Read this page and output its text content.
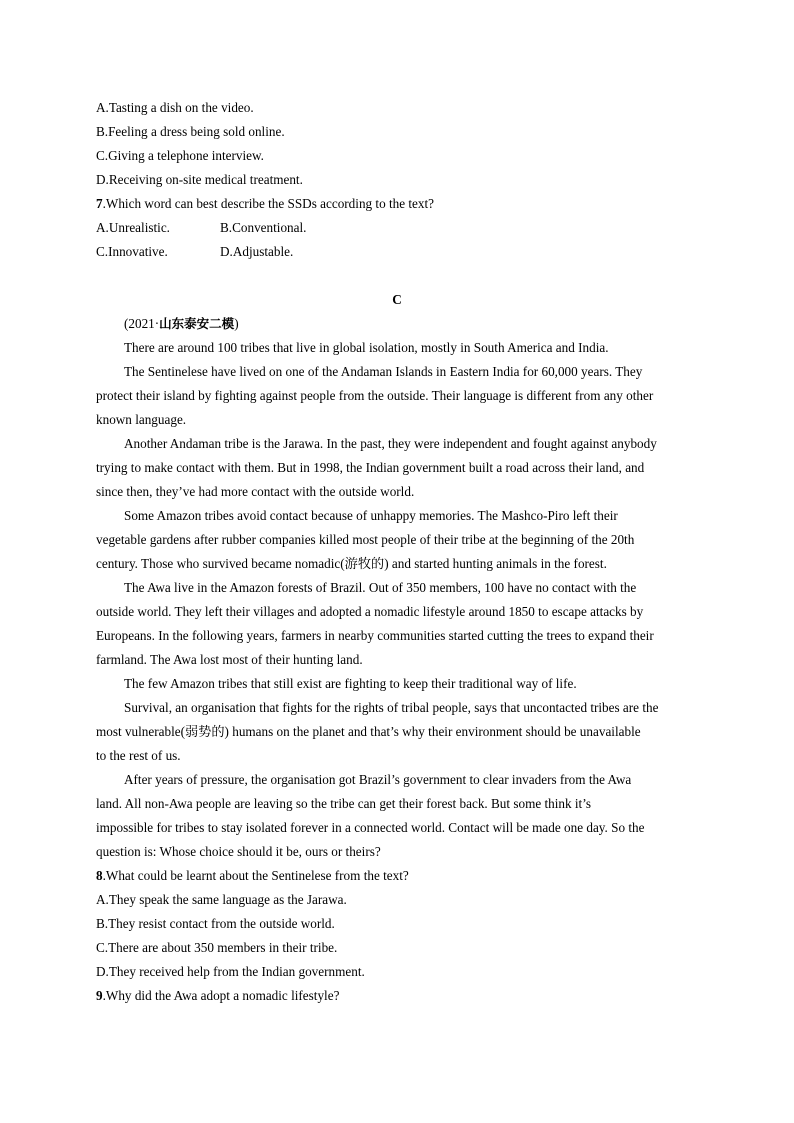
A.Tasting a dish on the video.
B.Feeling a dress being sold online.
C.Giving a telephone interview.
D.Receiving on-site medical treatment.
7.Which word can best describe the SSDs according to the text?
A.Unrealistic.	B.Conventional.
C.Innovative.	D.Adjustable.
C
(2021·山东泰安二模)
There are around 100 tribes that live in global isolation, mostly in South America and India.
The Sentinelese have lived on one of the Andaman Islands in Eastern India for 60,000 years. They
protect their island by fighting against people from the outside. Their language is different from any other
known language.
Another Andaman tribe is the Jarawa. In the past, they were independent and fought against anybody
trying to make contact with them. But in 1998, the Indian government built a road across their land, and
since then, they’ve had more contact with the outside world.
Some Amazon tribes avoid contact because of unhappy memories. The Mashco-Piro left their
vegetable gardens after rubber companies killed most people of their tribe at the beginning of the 20th
century. Those who survived became nomadic(游牧的) and started hunting animals in the forest.
The Awa live in the Amazon forests of Brazil. Out of 350 members, 100 have no contact with the
outside world. They left their villages and adopted a nomadic lifestyle around 1850 to escape attacks by
Europeans. In the following years, farmers in nearby communities started cutting the trees to expand their
farmland. The Awa lost most of their hunting land.
The few Amazon tribes that still exist are fighting to keep their traditional way of life.
Survival, an organisation that fights for the rights of tribal people, says that uncontacted tribes are the
most vulnerable(弱势的) humans on the planet and that’s why their environment should be unavailable
to the rest of us.
After years of pressure, the organisation got Brazil’s government to clear invaders from the Awa
land. All non-Awa people are leaving so the tribe can get their forest back. But some think it’s
impossible for tribes to stay isolated forever in a connected world. Contact will be made one day. So the
question is: Whose choice should it be, ours or theirs?
8.What could be learnt about the Sentinelese from the text?
A.They speak the same language as the Jarawa.
B.They resist contact from the outside world.
C.There are about 350 members in their tribe.
D.They received help from the Indian government.
9.Why did the Awa adopt a nomadic lifestyle?
